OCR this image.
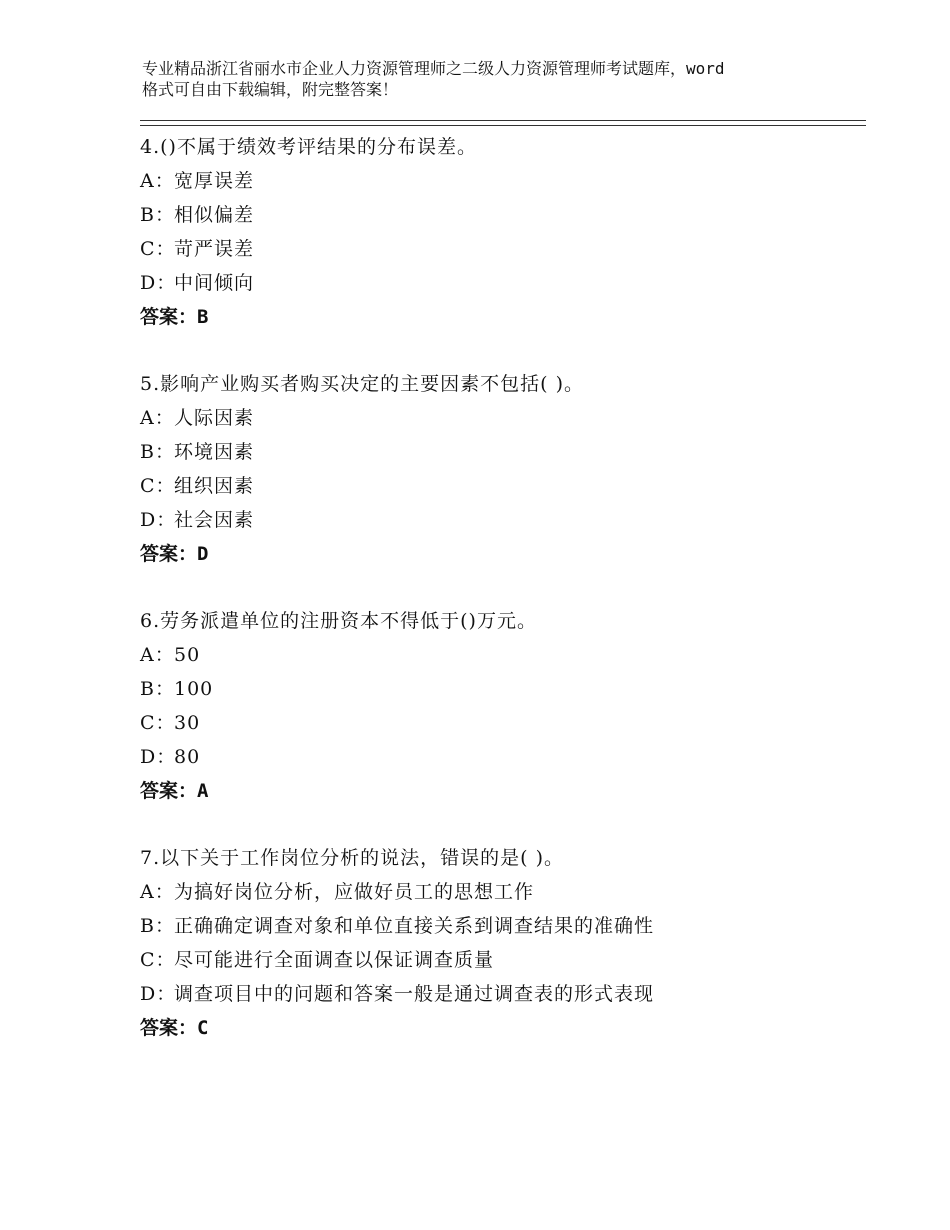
专业精品浙江省丽水市企业人力资源管理师之二级人力资源管理师考试题库，word
格式可自由下载编辑，附完整答案！
4.()不属于绩效考评结果的分布误差。
A：宽厚误差
B：相似偏差
C：苛严误差
D：中间倾向
答案：B
5.影响产业购买者购买决定的主要因素不包括( )。
A：人际因素
B：环境因素
C：组织因素
D：社会因素
答案：D
6.劳务派遣单位的注册资本不得低于()万元。
A：50
B：100
C：30
D：80
答案：A
7.以下关于工作岗位分析的说法，错误的是( )。
A：为搞好岗位分析，应做好员工的思想工作
B：正确确定调查对象和单位直接关系到调查结果的准确性
C：尽可能进行全面调查以保证调查质量
D：调查项目中的问题和答案一般是通过调查表的形式表现
答案：C
